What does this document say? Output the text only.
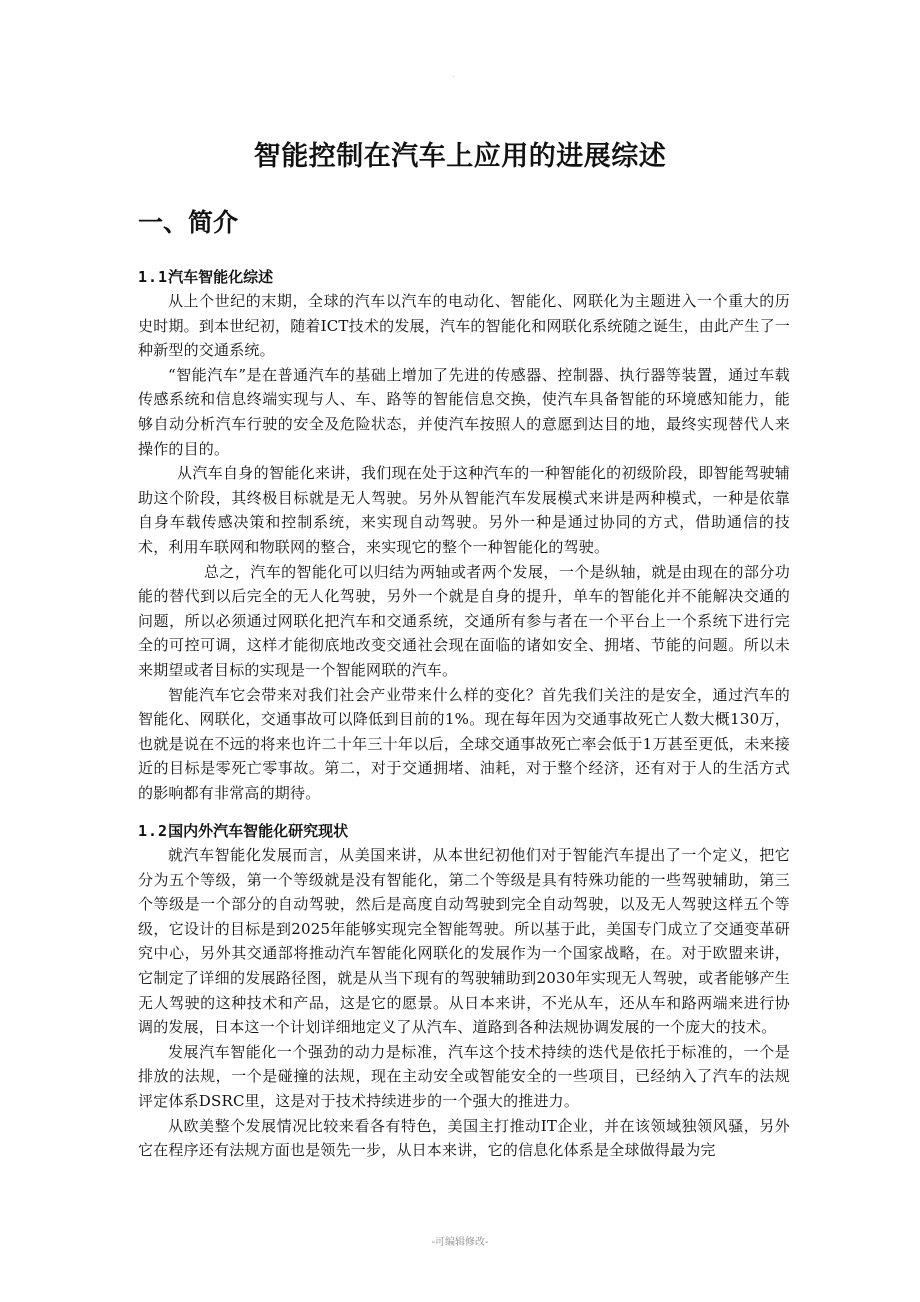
.
智能控制在汽车上应用的进展综述
一、简介
1.1汽车智能化综述

从上个世纪的末期，全球的汽车以汽车的电动化、智能化、网联化为主题进入一个重大的历史时期。到本世纪初，随着ICT技术的发展，汽车的智能化和网联化系统随之诞生，由此产生了一种新型的交通系统。

“智能汽车”是在普通汽车的基础上增加了先进的传感器、控制器、执行器等装置，通过车载传感系统和信息终端实现与人、车、路等的智能信息交换，使汽车具备智能的环境感知能力，能够自动分析汽车行驶的安全及危险状态，并使汽车按照人的意愿到达目的地，最终实现替代人来操作的目的。

从汽车自身的智能化来讲，我们现在处于这种汽车的一种智能化的初级阶段，即智能驾驶辅助这个阶段，其终极目标就是无人驾驶。另外从智能汽车发展模式来讲是两种模式，一种是依靠自身车载传感决策和控制系统，来实现自动驾驶。另外一种是通过协同的方式，借助通信的技术，利用车联网和物联网的整合，来实现它的整个一种智能化的驾驶。

总之，汽车的智能化可以归结为两轴或者两个发展，一个是纵轴，就是由现在的部分功能的替代到以后完全的无人化驾驶，另外一个就是自身的提升，单车的智能化并不能解决交通的问题，所以必须通过网联化把汽车和交通系统，交通所有参与者在一个平台上一个系统下进行完全的可控可调，这样才能彻底地改变交通社会现在面临的诸如安全、拥堵、节能的问题。所以未来期望或者目标的实现是一个智能网联的汽车。

智能汽车它会带来对我们社会产业带来什么样的变化？首先我们关注的是安全，通过汽车的智能化、网联化，交通事故可以降低到目前的1%。现在每年因为交通事故死亡人数大概130万，也就是说在不远的将来也许二十年三十年以后，全球交通事故死亡率会低于1万甚至更低，未来接近的目标是零死亡零事故。第二，对于交通拥堵、油耗，对于整个经济，还有对于人的生活方式的影响都有非常高的期待。

1.2国内外汽车智能化研究现状

就汽车智能化发展而言，从美国来讲，从本世纪初他们对于智能汽车提出了一个定义，把它分为五个等级，第一个等级就是没有智能化，第二个等级是具有特殊功能的一些驾驶辅助，第三个等级是一个部分的自动驾驶，然后是高度自动驾驶到完全自动驾驶，以及无人驾驶这样五个等级，它设计的目标是到2025年能够实现完全智能驾驶。所以基于此，美国专门成立了交通变革研究中心，另外其交通部将推动汽车智能化网联化的发展作为一个国家战略，在。对于欧盟来讲，它制定了详细的发展路径图，就是从当下现有的驾驶辅助到2030年实现无人驾驶，或者能够产生无人驾驶的这种技术和产品，这是它的愿景。从日本来讲，不光从车，还从车和路两端来进行协调的发展，日本这一个计划详细地定义了从汽车、道路到各种法规协调发展的一个庞大的技术。

发展汽车智能化一个强劲的动力是标准，汽车这个技术持续的迭代是依托于标准的，一个是排放的法规，一个是碰撞的法规，现在主动安全或智能安全的一些项目，已经纳入了汽车的法规评定体系DSRC里，这是对于技术持续进步的一个强大的推进力。

从欧美整个发展情况比较来看各有特色，美国主打推动IT企业，并在该领域独领风骚，另外它在程序还有法规方面也是领先一步，从日本来讲，它的信息化体系是全球做得最为完

-可编辑修改-
